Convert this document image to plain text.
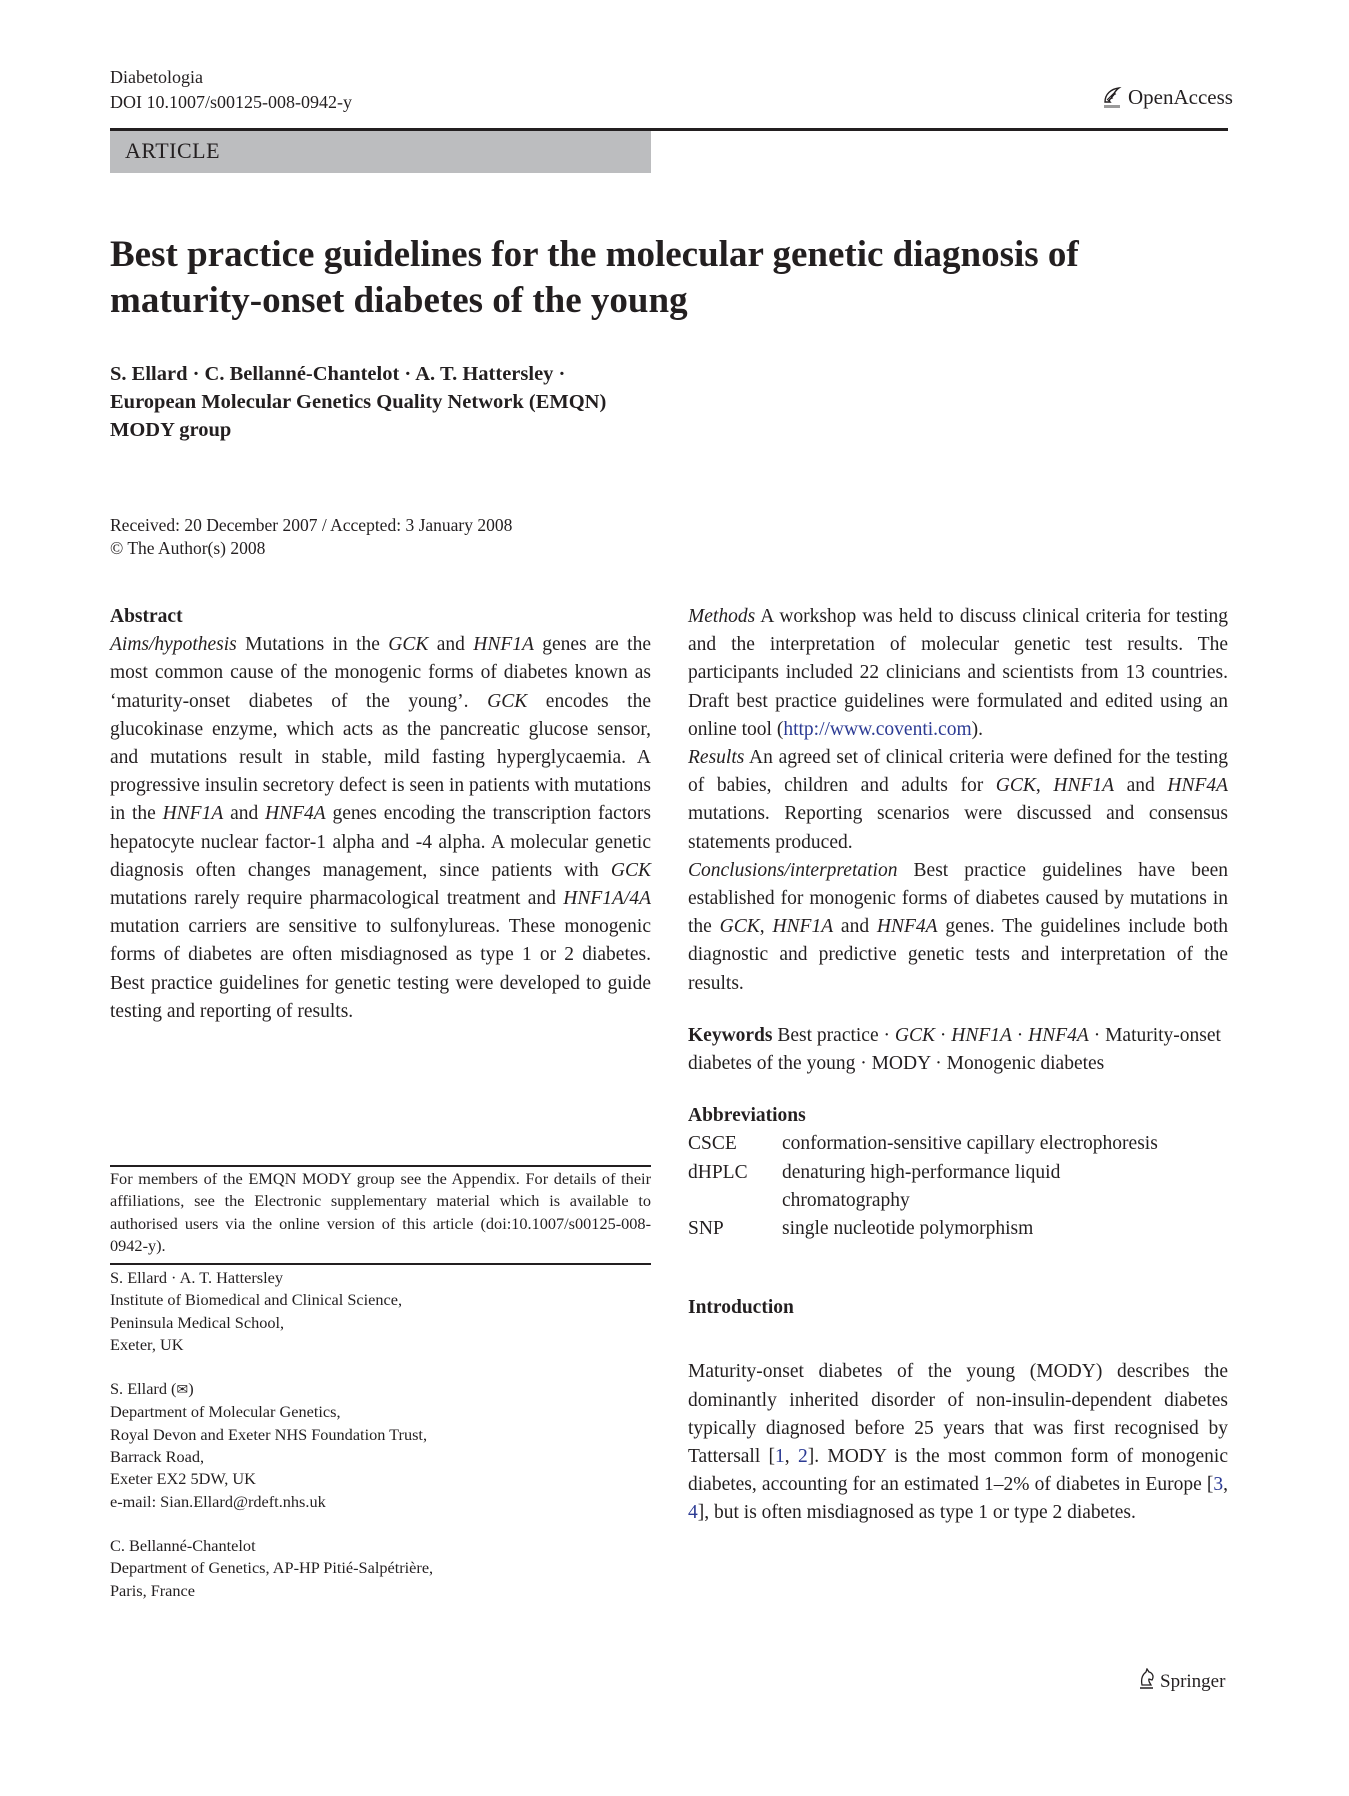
Diabetologia
DOI 10.1007/s00125-008-0942-y	OpenAccess
ARTICLE
Best practice guidelines for the molecular genetic diagnosis of maturity-onset diabetes of the young
S. Ellard · C. Bellanné-Chantelot · A. T. Hattersley ·
European Molecular Genetics Quality Network (EMQN)
MODY group
Received: 20 December 2007 / Accepted: 3 January 2008
© The Author(s) 2008
Abstract

Aims/hypothesis Mutations in the GCK and HNF1A genes are the most common cause of the monogenic forms of diabetes known as ‘maturity-onset diabetes of the young’. GCK encodes the glucokinase enzyme, which acts as the pancreatic glucose sensor, and mutations result in stable, mild fasting hyperglycaemia. A progressive insulin secretory defect is seen in patients with mutations in the HNF1A and HNF4A genes encoding the transcription factors hepatocyte nuclear factor-1 alpha and -4 alpha. A molecular genetic diagnosis often changes management, since patients with GCK mutations rarely require pharmacological treatment and HNF1A/4A mutation carriers are sensitive to sulfonylureas. These monogenic forms of diabetes are often misdiagnosed as type 1 or 2 diabetes. Best practice guidelines for genetic testing were developed to guide testing and reporting of results.

For members of the EMQN MODY group see the Appendix. For details of their affiliations, see the Electronic supplementary material which is available to authorised users via the online version of this article (doi:10.1007/s00125-008-0942-y).
S. Ellard · A. T. Hattersley
Institute of Biomedical and Clinical Science,
Peninsula Medical School,
Exeter, UK
S. Ellard (✉)
Department of Molecular Genetics,
Royal Devon and Exeter NHS Foundation Trust,
Barrack Road,
Exeter EX2 5DW, UK
e-mail: Sian.Ellard@rdeft.nhs.uk
C. Bellanné-Chantelot
Department of Genetics, AP-HP Pitié-Salpétrière,
Paris, France

Methods A workshop was held to discuss clinical criteria for testing and the interpretation of molecular genetic test results. The participants included 22 clinicians and scientists from 13 countries. Draft best practice guidelines were formulated and edited using an online tool (http://www.coventi.com).

Results An agreed set of clinical criteria were defined for the testing of babies, children and adults for GCK, HNF1A and HNF4A mutations. Reporting scenarios were discussed and consensus statements produced.

Conclusions/interpretation Best practice guidelines have been established for monogenic forms of diabetes caused by mutations in the GCK, HNF1A and HNF4A genes. The guidelines include both diagnostic and predictive genetic tests and interpretation of the results.

Keywords Best practice · GCK · HNF1A · HNF4A · Maturity-onset diabetes of the young · MODY · Monogenic diabetes

Abbreviations
CSCE	conformation-sensitive capillary electrophoresis
dHPLC	denaturing high-performance liquid chromatography
SNP	single nucleotide polymorphism
Introduction

Maturity-onset diabetes of the young (MODY) describes the dominantly inherited disorder of non-insulin-dependent diabetes typically diagnosed before 25 years that was first recognised by Tattersall [1, 2]. MODY is the most common form of monogenic diabetes, accounting for an estimated 1–2% of diabetes in Europe [3, 4], but is often misdiagnosed as type 1 or type 2 diabetes.

Springer
